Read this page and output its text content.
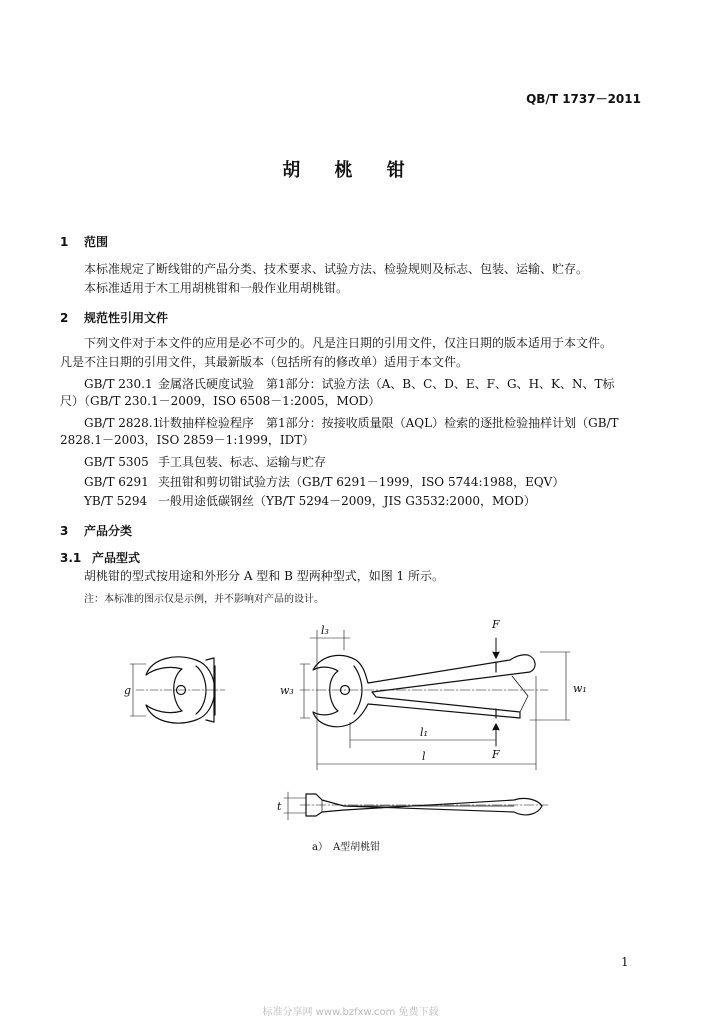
QB/T 1737－2011
胡 桃 钳
1 范围
本标准规定了断线钳的产品分类、技术要求、试验方法、检验规则及标志、包装、运输、贮存。
本标准适用于木工用胡桃钳和一般作业用胡桃钳。
2 规范性引用文件
下列文件对于本文件的应用是必不可少的。凡是注日期的引用文件，仅注日期的版本适用于本文件。
凡是不注日期的引用文件，其最新版本（包括所有的修改单）适用于本文件。
GB/T 230.1 金属洛氏硬度试验　第1部分：试验方法（A、B、C、D、E、F、G、H、K、N、T标
尺）（GB/T 230.1－2009，ISO 6508－1:2005，MOD）
GB/T 2828.1计数抽样检验程序　第1部分：按接收质量限（AQL）检索的逐批检验抽样计划（GB/T
2828.1－2003，ISO 2859－1:1999，IDT）
GB/T 5305 手工具包装、标志、运输与贮存
GB/T 6291 夹扭钳和剪切钳试验方法（GB/T 6291－1999，ISO 5744:1988，EQV）
YB/T 5294 一般用途低碳钢丝（YB/T 5294－2009，JIS G3532:2000，MOD）
3 产品分类
3.1 产品型式
胡桃钳的型式按用途和外形分 A 型和 B 型两种型式，如图 1 所示。
注：本标准的图示仅是示例，并不影响对产品的设计。
g
l₃
w₃	w₁
l₁
l
F
F
t
a）　A型胡桃钳
1
标准分享网 www.bzfxw.com 免费下载
